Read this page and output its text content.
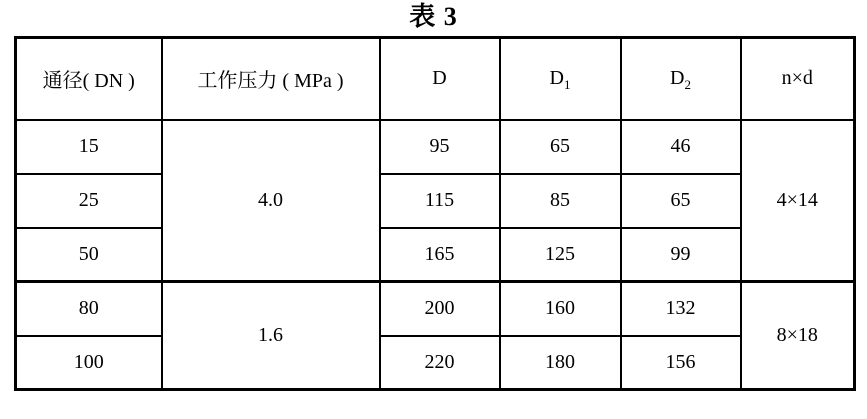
表 3
通径( DN )	工作压力 ( MPa )	D	$D_1$	$D_2$	n×d
15	4.0	95	65	46	4×14
25		115	85	65	
50		165	125	99	
80	1.6	200	160	132	8×18
100		220	180	156	
